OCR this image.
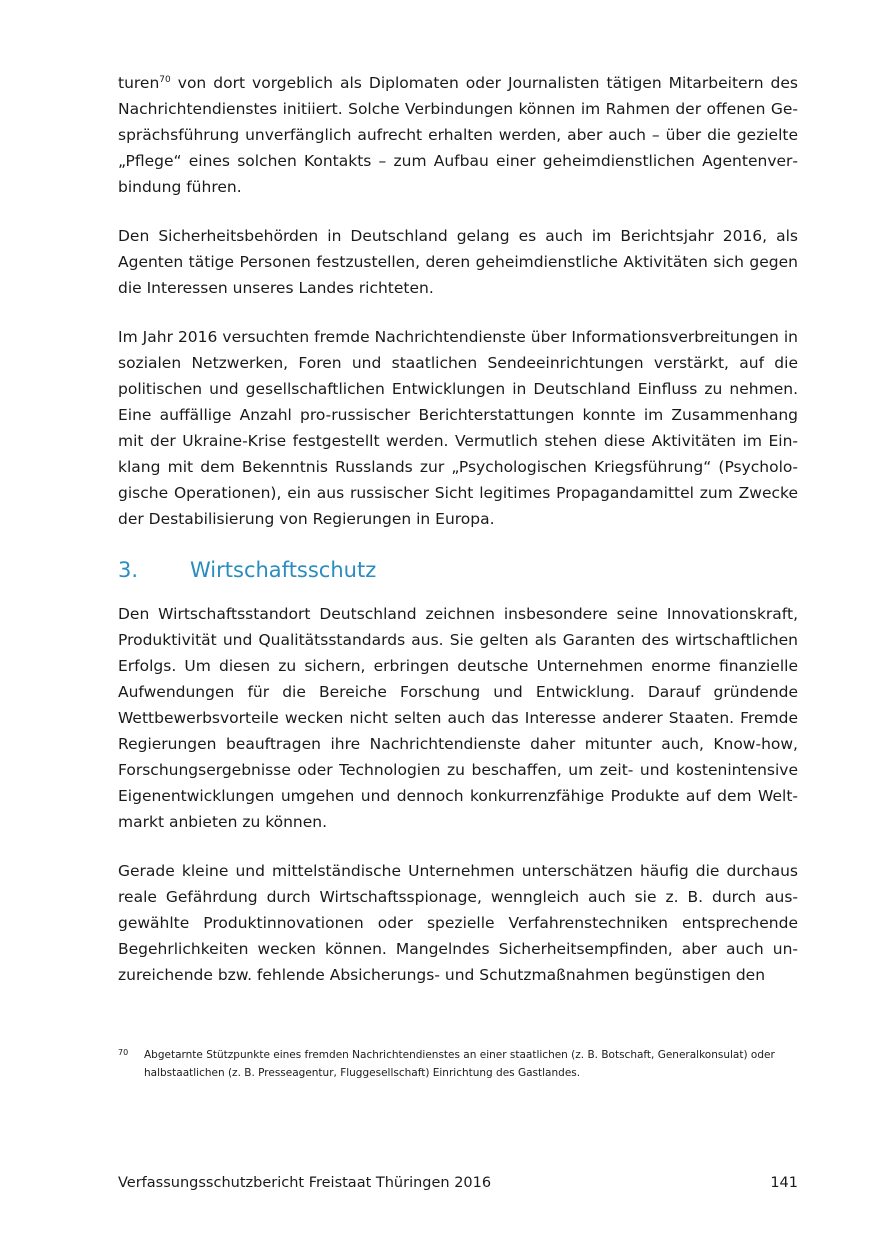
turen$^{70}$ von dort vorgeblich als Diplomaten oder Journalisten tätigen Mitarbeitern des Nachrichtendienstes initiiert. Solche Verbindungen können im Rahmen der offenen Gesprächsführung unverfänglich aufrecht erhalten werden, aber auch – über die gezielte „Pflege“ eines solchen Kontakts – zum Aufbau einer geheimdienstlichen Agentenverbindung führen.

Den Sicherheitsbehörden in Deutschland gelang es auch im Berichtsjahr 2016, als Agenten tätige Personen festzustellen, deren geheimdienstliche Aktivitäten sich gegen die Interessen unseres Landes richteten.

Im Jahr 2016 versuchten fremde Nachrichtendienste über Informationsverbreitungen in sozialen Netzwerken, Foren und staatlichen Sendeeinrichtungen verstärkt, auf die politischen und gesellschaftlichen Entwicklungen in Deutschland Einfluss zu nehmen. Eine auffällige Anzahl pro-russischer Berichterstattungen konnte im Zusammenhang mit der Ukraine-Krise festgestellt werden. Vermutlich stehen diese Aktivitäten im Einklang mit dem Bekenntnis Russlands zur „Psychologischen Kriegsführung“ (Psychologische Operationen), ein aus russischer Sicht legitimes Propagandamittel zum Zwecke der Destabilisierung von Regierungen in Europa.

3.	Wirtschaftsschutz

Den Wirtschaftsstandort Deutschland zeichnen insbesondere seine Innovationskraft, Produktivität und Qualitätsstandards aus. Sie gelten als Garanten des wirtschaftlichen Erfolgs. Um diesen zu sichern, erbringen deutsche Unternehmen enorme finanzielle Aufwendungen für die Bereiche Forschung und Entwicklung. Darauf gründende Wettbewerbsvorteile wecken nicht selten auch das Interesse anderer Staaten. Fremde Regierungen beauftragen ihre Nachrichtendienste daher mitunter auch, Know-how, Forschungsergebnisse oder Technologien zu beschaffen, um zeit- und kostenintensive Eigenentwicklungen umgehen und dennoch konkurrenzfähige Produkte auf dem Weltmarkt anbieten zu können.

Gerade kleine und mittelständische Unternehmen unterschätzen häufig die durchaus reale Gefährdung durch Wirtschaftsspionage, wenngleich auch sie z. B. durch ausgewählte Produktinnovationen oder spezielle Verfahrenstechniken entsprechende Begehrlichkeiten wecken können. Mangelndes Sicherheitsempfinden, aber auch unzureichende bzw. fehlende Absicherungs- und Schutzmaßnahmen begünstigen den

70	Abgetarnte Stützpunkte eines fremden Nachrichtendienstes an einer staatlichen (z. B. Botschaft, Generalkonsulat) oder halbstaatlichen (z. B. Presseagentur, Fluggesellschaft) Einrichtung des Gastlandes.
Verfassungsschutzbericht Freistaat Thüringen 2016	141
